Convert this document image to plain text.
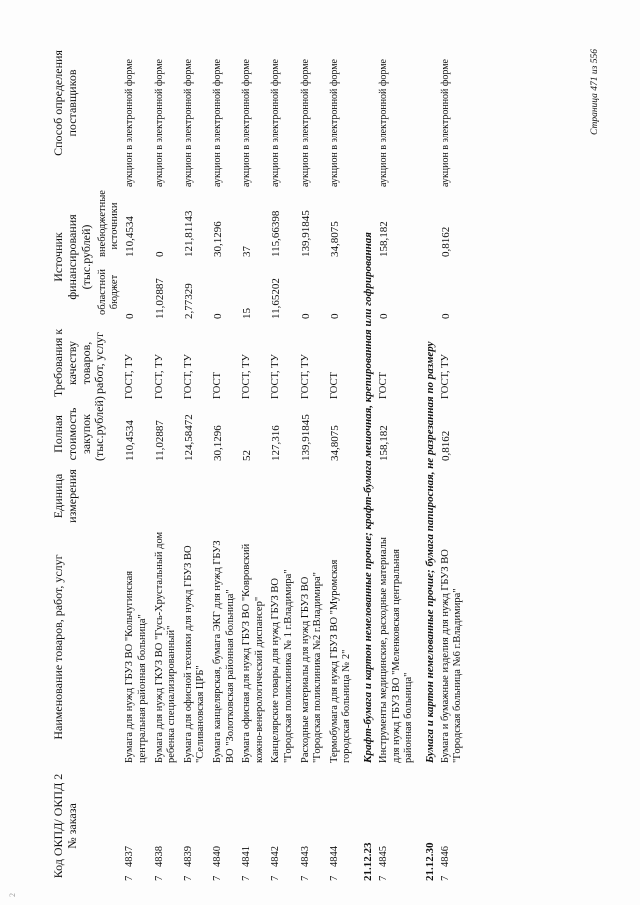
2
Код ОКПД/ ОКПД 2 № заказа	Наименование товаров, работ, услуг	Единица измерения	Полная стоимость закупок (тыс.рублей)	Требования к качеству товаров, работ, услуг	Источник финансирования (тыс.рублей)		Способ определения поставщиков
					областной бюджет	внебюджетные источники	
74837	Бумага для нужд ГБУЗ ВО "Кольчугинская центральная районная больница"		110,4534	ГОСТ, ТУ	0	110,4534	аукцион в электронной форме
74838	Бумага для нужд ГКУЗ ВО "Гусь-Хрустальный дом ребенка специализированный"		11,02887	ГОСТ, ТУ	11,02887	0	аукцион в электронной форме
74839	Бумага для офисной техники для нужд ГБУЗ ВО "Селивановская ЦРБ"		124,58472	ГОСТ, ТУ	2,77329	121,81143	аукцион в электронной форме
74840	Бумага канцелярская, бумага ЭКГ для нужд ГБУЗ ВО "Золотковская районная больница"		30,1296	ГОСТ	0	30,1296	аукцион в электронной форме
74841	Бумага офисная для нужд ГБУЗ ВО "Ковровский кожно-венерологический диспансер"		52	ГОСТ, ТУ	15	37	аукцион в электронной форме
74842	Канцелярские товары для нужд ГБУЗ ВО "Городская поликлиника № 1 г.Владимира"		127,316	ГОСТ, ТУ	11,65202	115,66398	аукцион в электронной форме
74843	Расходные материалы для нужд ГБУЗ ВО "Городская поликлиника №2 г.Владимира"		139,91845	ГОСТ, ТУ	0	139,91845	аукцион в электронной форме
74844	Термобумага для нужд ГБУЗ ВО "Муромская городская больница № 2"		34,8075	ГОСТ	0	34,8075	аукцион в электронной форме
21.12.23	Крафт-бумага и картон немелованные прочие; крафт-бумага мешочная, крепированная или гофрированная						
74845	Инструменты медицинские, расходные материалы для нужд ГБУЗ ВО "Меленковская центральная районная больница"		158,182	ГОСТ	0	158,182	аукцион в электронной форме
21.12.30	Бумага и картон немелованные прочие; бумага папиросная, не разрезанная по размеру						
74846	Бумага и бумажные изделия для нужд ГБУЗ ВО "Городская больница №6 г.Владимира"		0,8162	ГОСТ, ТУ	0	0,8162	аукцион в электронной форме	Страница 471 из 556
